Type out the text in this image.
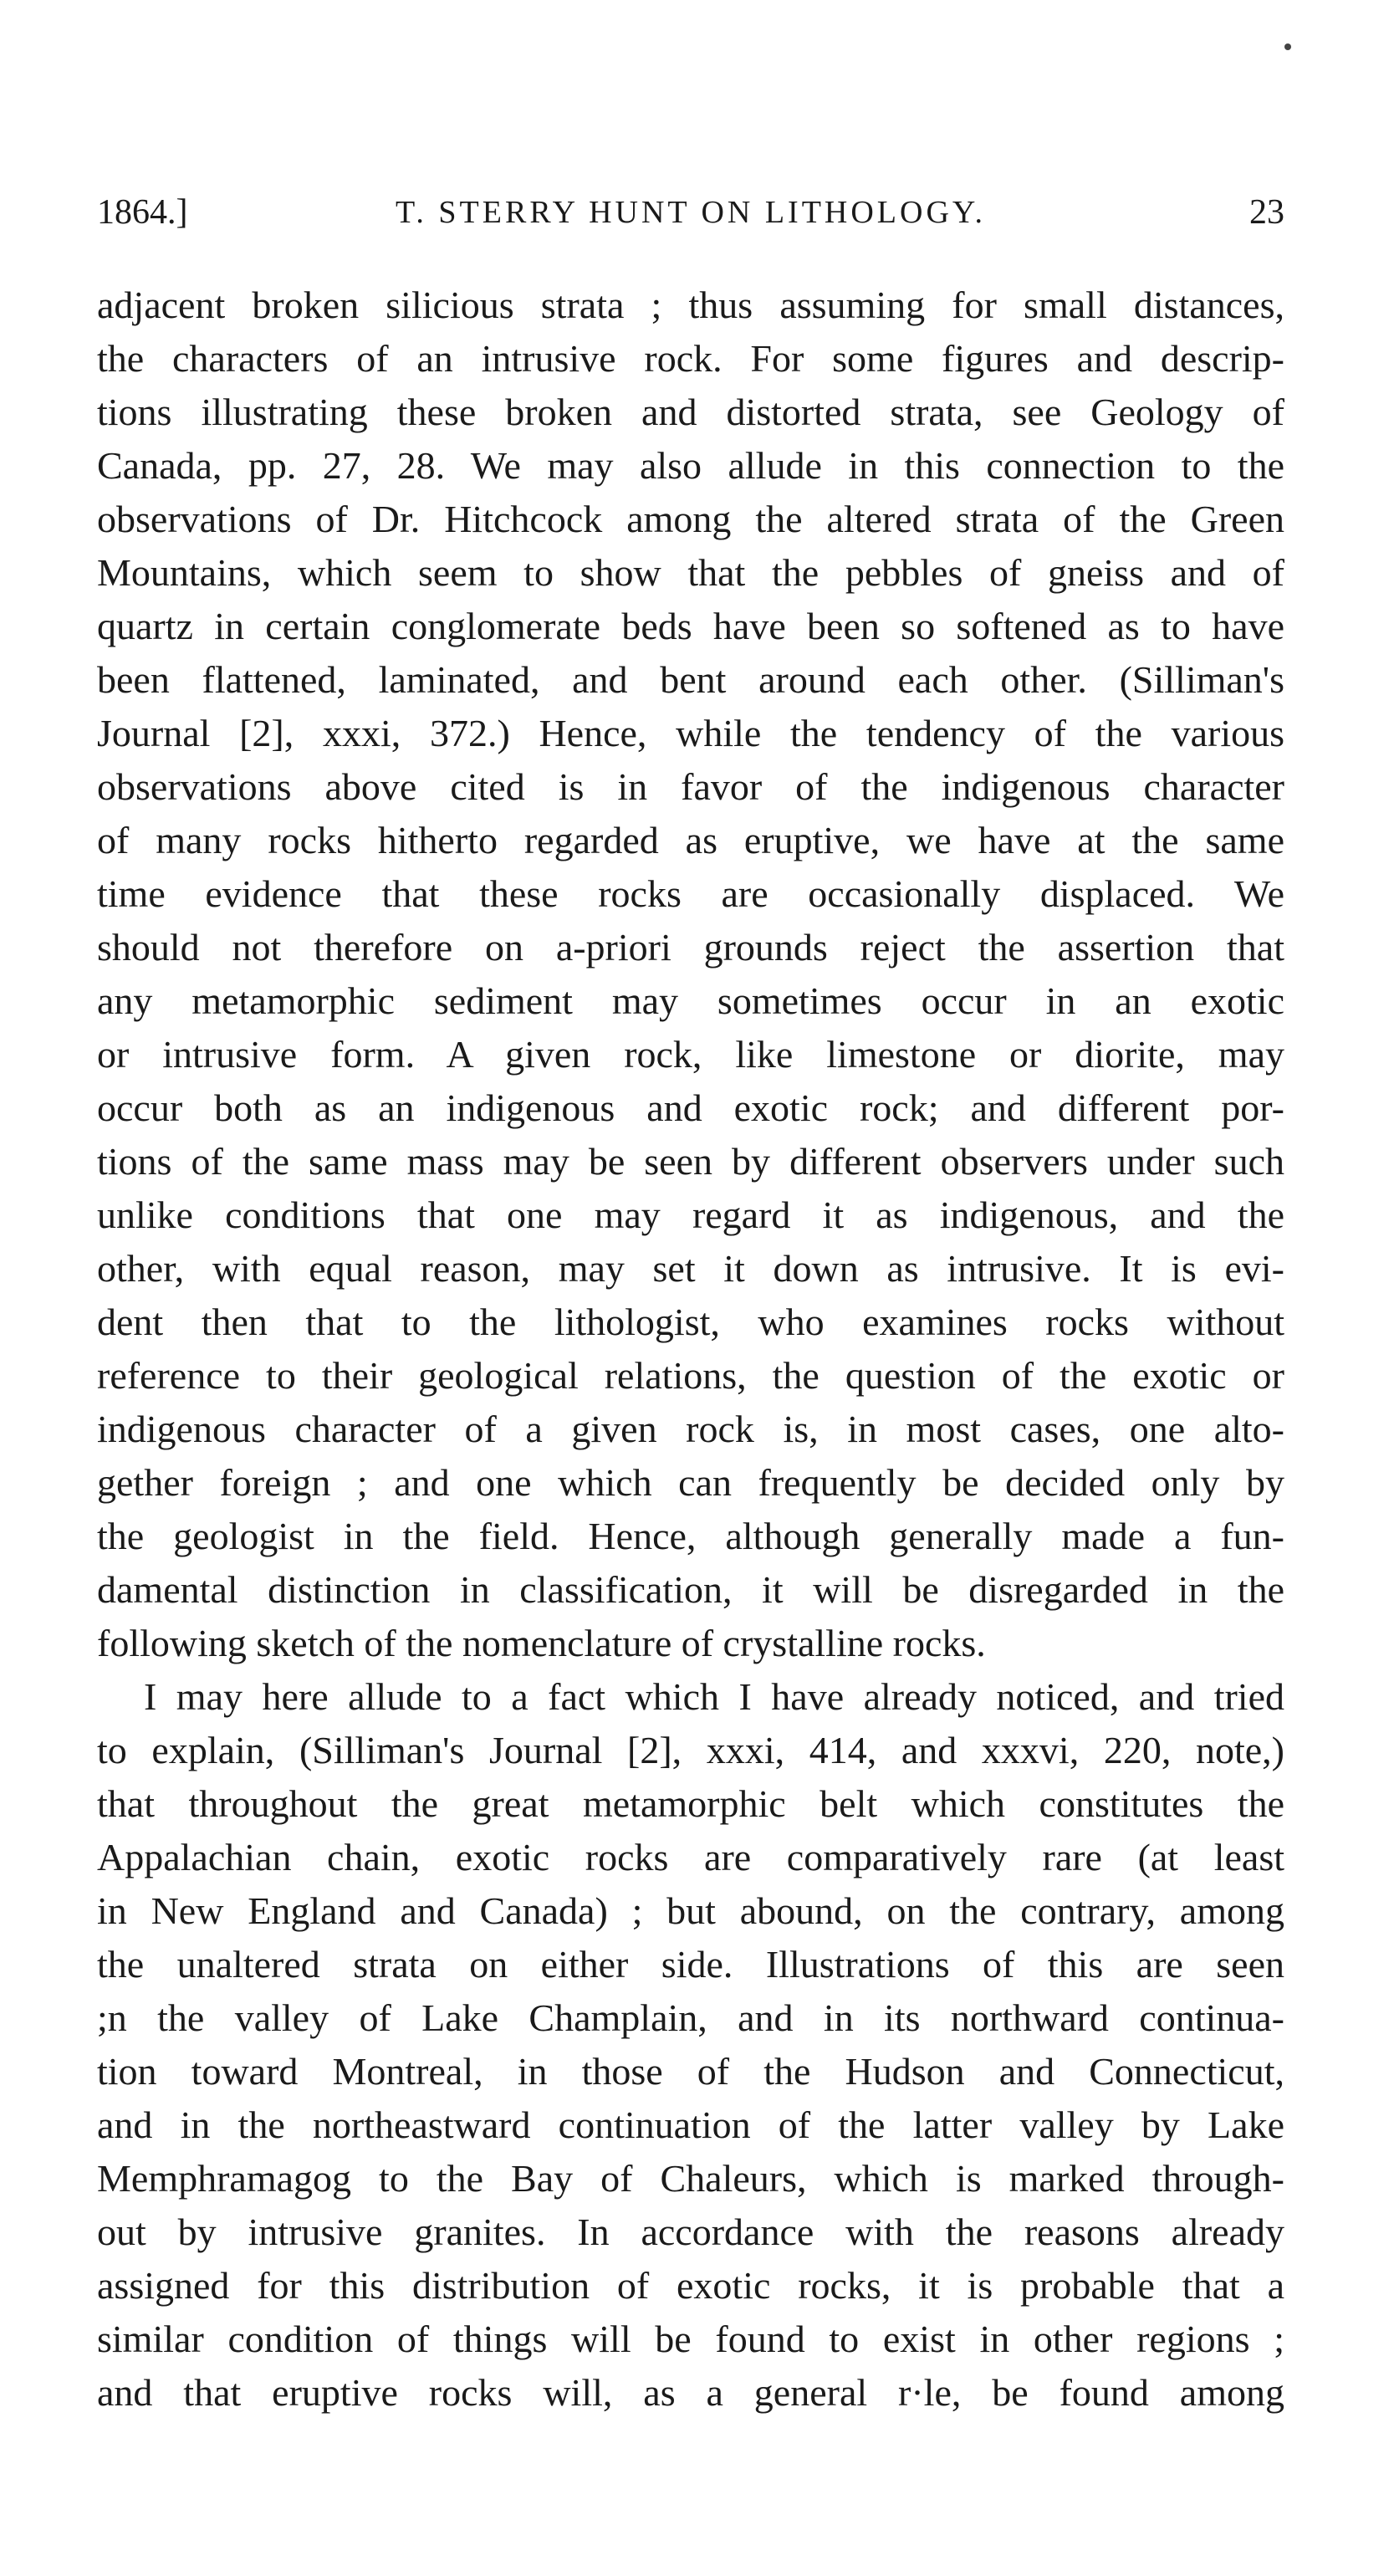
1864.]	T. STERRY HUNT ON LITHOLOGY.	23
adjacent broken silicious strata ; thus assuming for small distances,
the characters of an intrusive rock. For some figures and descrip-
tions illustrating these broken and distorted strata, see Geology of
Canada, pp. 27, 28. We may also allude in this connection to the
observations of Dr. Hitchcock among the altered strata of the Green
Mountains, which seem to show that the pebbles of gneiss and of
quartz in certain conglomerate beds have been so softened as to have
been flattened, laminated, and bent around each other. (Silliman's
Journal [2], xxxi, 372.) Hence, while the tendency of the various
observations above cited is in favor of the indigenous character
of many rocks hitherto regarded as eruptive, we have at the same
time evidence that these rocks are occasionally displaced. We
should not therefore on a-priori grounds reject the assertion that
any metamorphic sediment may sometimes occur in an exotic
or intrusive form. A given rock, like limestone or diorite, may
occur both as an indigenous and exotic rock; and different por-
tions of the same mass may be seen by different observers under such
unlike conditions that one may regard it as indigenous, and the
other, with equal reason, may set it down as intrusive. It is evi-
dent then that to the lithologist, who examines rocks without
reference to their geological relations, the question of the exotic or
indigenous character of a given rock is, in most cases, one alto-
gether foreign ; and one which can frequently be decided only by
the geologist in the field. Hence, although generally made a fun-
damental distinction in classification, it will be disregarded in the
following sketch of the nomenclature of crystalline rocks.
I may here allude to a fact which I have already noticed, and tried
to explain, (Silliman's Journal [2], xxxi, 414, and xxxvi, 220, note,)
that throughout the great metamorphic belt which constitutes the
Appalachian chain, exotic rocks are comparatively rare (at least
in New England and Canada) ; but abound, on the contrary, among
the unaltered strata on either side. Illustrations of this are seen
;n the valley of Lake Champlain, and in its northward continua-
tion toward Montreal, in those of the Hudson and Connecticut,
and in the northeastward continuation of the latter valley by Lake
Memphramagog to the Bay of Chaleurs, which is marked through-
out by intrusive granites. In accordance with the reasons already
assigned for this distribution of exotic rocks, it is probable that a
similar condition of things will be found to exist in other regions ;
and that eruptive rocks will, as a general r·le, be found among
